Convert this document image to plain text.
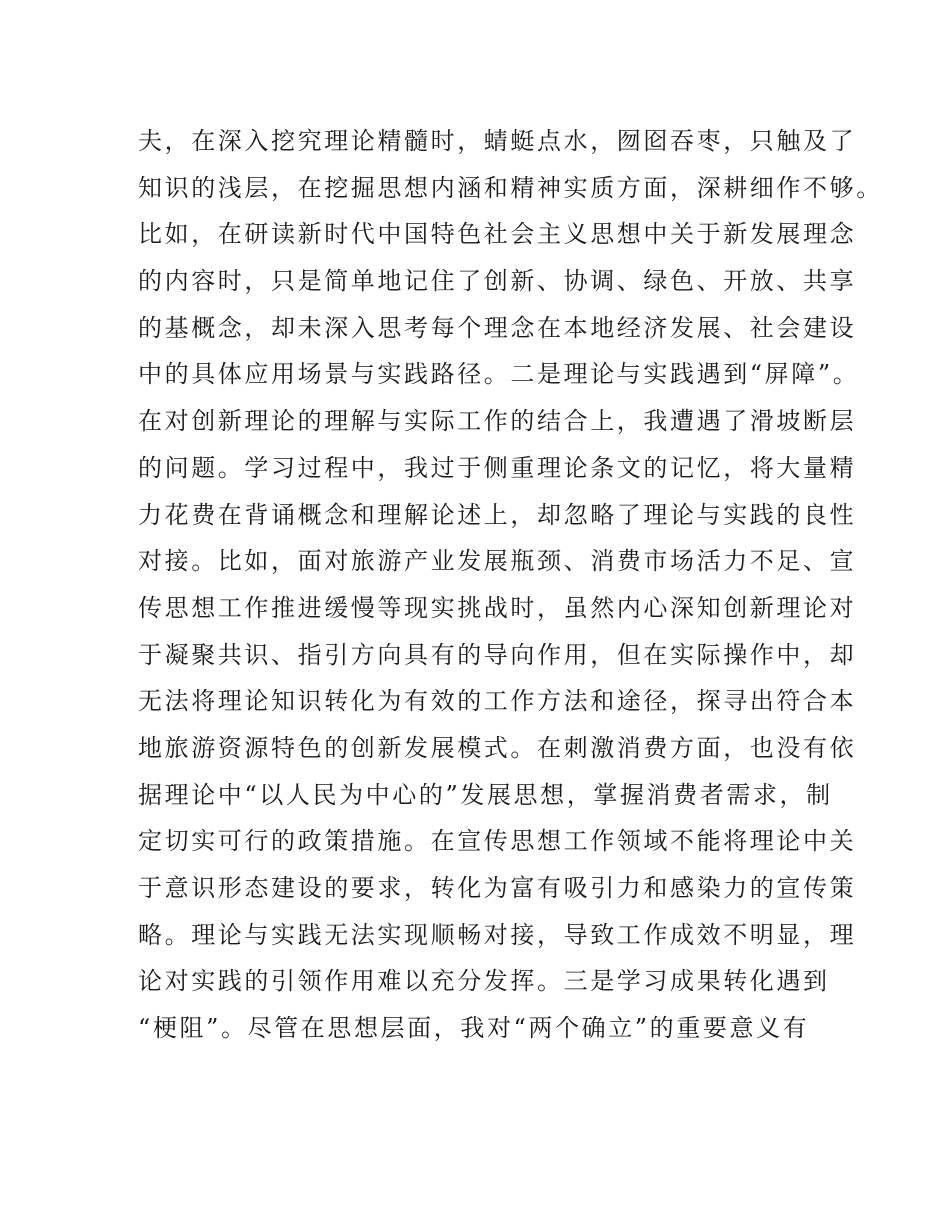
夫，在深入挖究理论精髓时，蜻蜓点水，囫囵吞枣，只触及了
知识的浅层，在挖掘思想内涵和精神实质方面，深耕细作不够。
比如，在研读新时代中国特色社会主义思想中关于新发展理念
的内容时，只是简单地记住了创新、协调、绿色、开放、共享
的基概念，却未深入思考每个理念在本地经济发展、社会建设
中的具体应用场景与实践路径。二是理论与实践遇到“屏障”。
在对创新理论的理解与实际工作的结合上，我遭遇了滑坡断层
的问题。学习过程中，我过于侧重理论条文的记忆，将大量精
力花费在背诵概念和理解论述上，却忽略了理论与实践的良性
对接。比如，面对旅游产业发展瓶颈、消费市场活力不足、宣
传思想工作推进缓慢等现实挑战时，虽然内心深知创新理论对
于凝聚共识、指引方向具有的导向作用，但在实际操作中，却
无法将理论知识转化为有效的工作方法和途径，探寻出符合本
地旅游资源特色的创新发展模式。在刺激消费方面，也没有依
据理论中“以人民为中心的”发展思想，掌握消费者需求，制
定切实可行的政策措施。在宣传思想工作领域不能将理论中关
于意识形态建设的要求，转化为富有吸引力和感染力的宣传策
略。理论与实践无法实现顺畅对接，导致工作成效不明显，理
论对实践的引领作用难以充分发挥。三是学习成果转化遇到
“梗阻”。尽管在思想层面，我对“两个确立”的重要意义有
